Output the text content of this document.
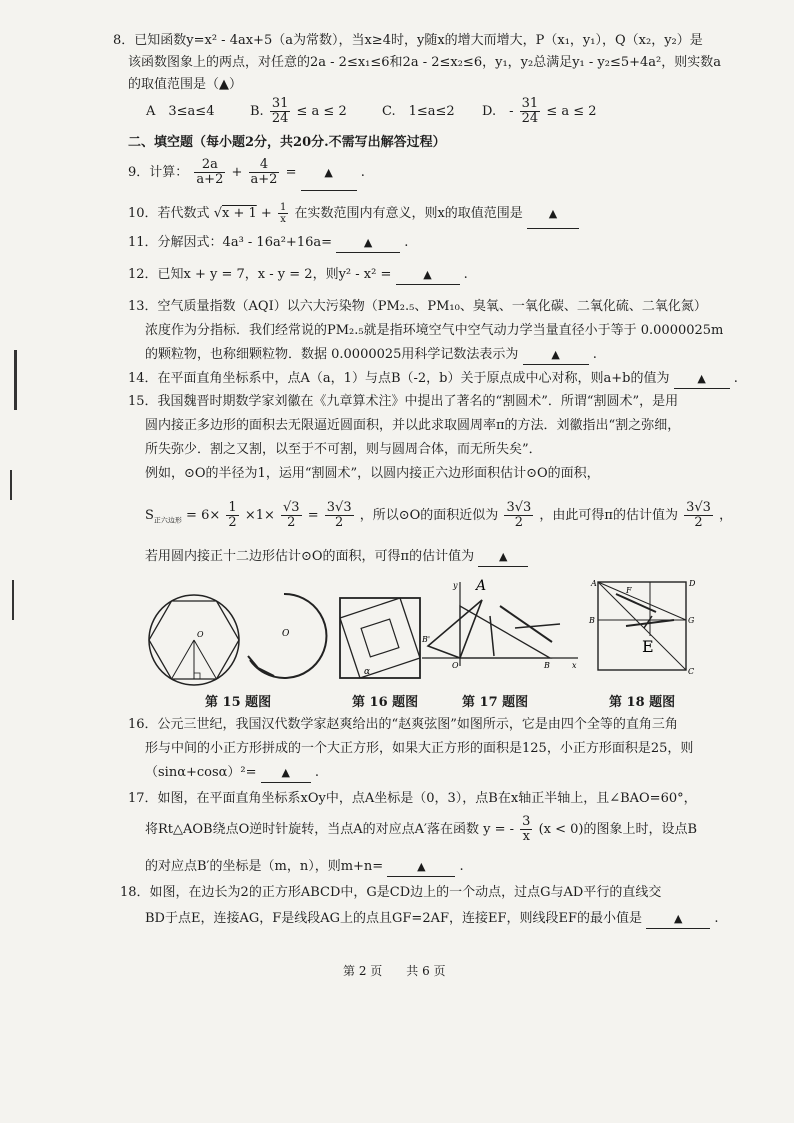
8．已知函数y=x² - 4ax+5（a为常数），当x≥4时，y随x的增大而增大，P（x₁，y₁），Q（x₂，y₂）是
该函数图象上的两点，对任意的2a - 2≤x₁≤6和2a - 2≤x₂≤6，y₁，y₂总满足y₁ - y₂≤5+4a²，则实数a
的取值范围是（▲）
A　3≤a≤4	B. $\frac{31}{24} \le a \le 2$	C.　1≤a≤2 D.　- $\frac{31}{24} \le a \le 2$
二、填空题（每小题2分，共20分.不需写出解答过程）
9．计算： $\frac{2a}{a+2} + \frac{4}{a+2}$ =	▲ .
10．若代数式 $√x + 1 + \frac{1}{x}$ 在实数范围内有意义，则x的取值范围是 ▲
11．分解因式：4a³ - 16a²+16a=	▲ .
12．已知x + y = 7，x - y = 2，则y² - x² =	▲ .
13．空气质量指数（AQI）以六大污染物（PM₂.₅、PM₁₀、臭氧、一氧化碳、二氧化硫、二氧化氮）
浓度作为分指标．我们经常说的PM₂.₅就是指环境空气中空气动力学当量直径小于等于 0.0000025m
的颗粒物，也称细颗粒物．数据 0.0000025用科学记数法表示为	▲	.
14．在平面直角坐标系中，点A（a，1）与点B（-2，b）关于原点成中心对称，则a+b的值为	▲ .
15．我国魏晋时期数学家刘徽在《九章算术注》中提出了著名的“割圆术”．所谓“割圆术”，是用
圆内接正多边形的面积去无限逼近圆面积，并以此求取圆周率π的方法．刘徽指出“割之弥细，
所失弥少．割之又割，以至于不可割，则与圆周合体，而无所失矣”．
例如，⊙O的半径为1，运用“割圆术”，以圆内接正六边形面积估计⊙O的面积，
$S_{正六边形} = 6\times \frac{1}{2} \times 1\times \frac{√3}{2} = \frac{3√3}{2}$ ，所以⊙O的面积近似为 $\frac{3√3}{2}$ ，由此可得π的估计值为 $\frac{3√3}{2}$ ，
若用圆内接正十二边形估计⊙O的面积，可得π的估计值为 ▲
O	O
α
y A
O	B	x
B'
A
F
D
B	G
E
C
第 15 题图	第 16 题图	第 17 题图	第 18 题图
16．公元三世纪，我国汉代数学家赵爽给出的“赵爽弦图”如图所示，它是由四个全等的直角三角
形与中间的小正方形拼成的一个大正方形，如果大正方形的面积是125，小正方形面积是25，则
（sinα+cosα）²= ▲ .
17．如图，在平面直角坐标系xOy中，点A坐标是（0，3），点B在x轴正半轴上，且∠BAO=60°，
将Rt△AOB绕点O逆时针旋转，当点A的对应点A′落在函数 y = - $\frac{3}{x} (x < 0)$的图象上时，设点B
的对应点B′的坐标是（m，n），则m+n=	▲	.
18．如图，在边长为2的正方形ABCD中，G是CD边上的一个动点，过点G与AD平行的直线交
BD于点E，连接AG，F是线段AG上的点且GF=2AF，连接EF，则线段EF的最小值是	▲ .
第 2 页　　共 6 页
